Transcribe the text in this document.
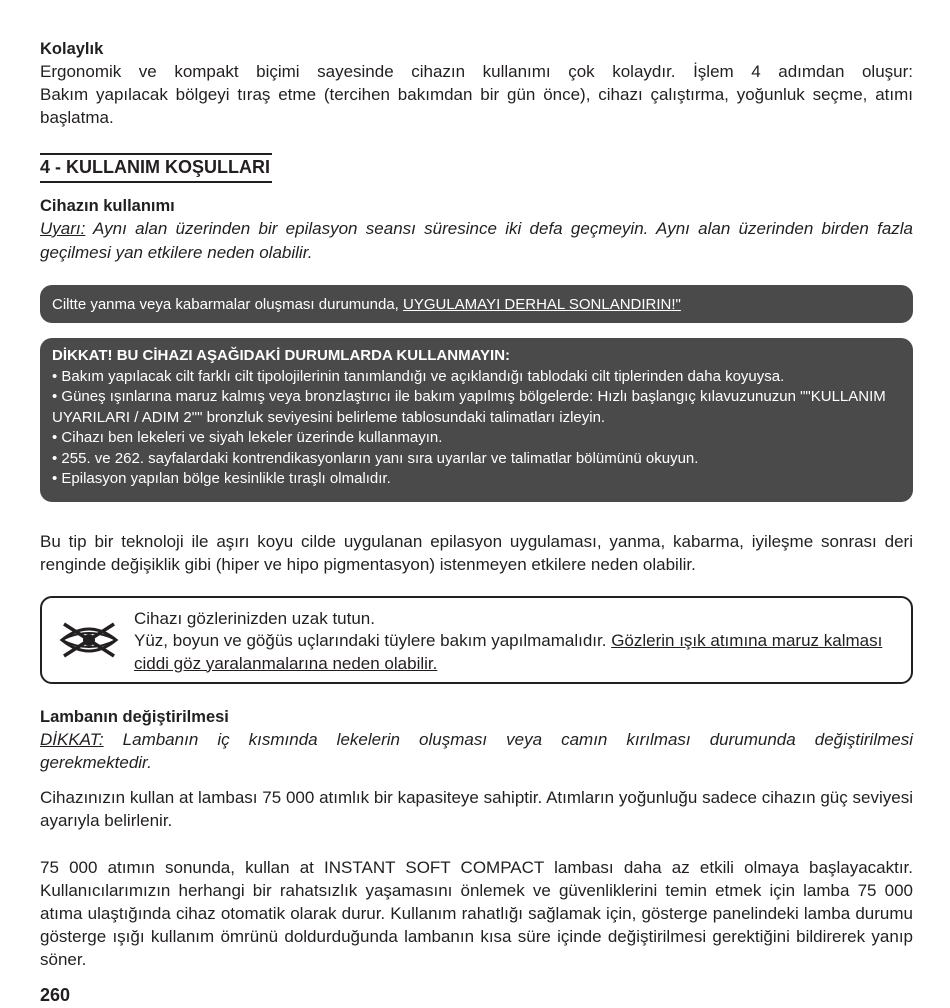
Kolaylık

Ergonomik ve kompakt biçimi sayesinde cihazın kullanımı çok kolaydır. İşlem 4 adımdan oluşur:

Bakım yapılacak bölgeyi tıraş etme (tercihen bakımdan bir gün önce), cihazı çalıştırma, yoğunluk seçme, atımı başlatma.

4 - KULLANIM KOŞULLARI

Cihazın kullanımı

Uyarı: Aynı alan üzerinden bir epilasyon seansı süresince iki defa geçmeyin. Aynı alan üzerinden birden fazla geçilmesi yan etkilere neden olabilir.

Ciltte yanma veya kabarmalar oluşması durumunda, UYGULAMAYI DERHAL SONLANDIRIN!"
DİKKAT! BU CİHAZI AŞAĞIDAKİ DURUMLARDA KULLANMAYIN:
• Bakım yapılacak cilt farklı cilt tipolojilerinin tanımlandığı ve açıklandığı tablodaki cilt tiplerinden daha koyuysa.
• Güneş ışınlarına maruz kalmış veya bronzlaştırıcı ile bakım yapılmış bölgelerde: Hızlı başlangıç kılavuzunuzun ""KULLANIM UYARILARI / ADIM 2"" bronzluk seviyesini belirleme tablosundaki talimatları izleyin.
• Cihazı ben lekeleri ve siyah lekeler üzerinde kullanmayın.
• 255. ve 262. sayfalardaki kontrendikasyonların yanı sıra uyarılar ve talimatlar bölümünü okuyun.
• Epilasyon yapılan bölge kesinlikle tıraşlı olmalıdır.

Bu tip bir teknoloji ile aşırı koyu cilde uygulanan epilasyon uygulaması, yanma, kabarma, iyileşme sonrası deri renginde değişiklik gibi (hiper ve hipo pigmentasyon) istenmeyen etkilere neden olabilir.

Cihazı gözlerinizden uzak tutun.
Yüz, boyun ve göğüs uçlarındaki tüylere bakım yapılmamalıdır. Gözlerin ışık atımına maruz kalması ciddi göz yaralanmalarına neden olabilir.

Lambanın değiştirilmesi

DİKKAT: Lambanın iç kısmında lekelerin oluşması veya camın kırılması durumunda değiştirilmesi

gerekmektedir.

Cihazınızın kullan at lambası 75 000 atımlık bir kapasiteye sahiptir. Atımların yoğunluğu sadece cihazın güç seviyesi ayarıyla belirlenir.

75 000 atımın sonunda, kullan at INSTANT SOFT COMPACT lambası daha az etkili olmaya başlayacaktır. Kullanıcılarımızın herhangi bir rahatsızlık yaşamasını önlemek ve güvenliklerini temin etmek için lamba 75 000 atıma ulaştığında cihaz otomatik olarak durur. Kullanım rahatlığı sağlamak için, gösterge panelindeki lamba durumu gösterge ışığı kullanım ömrünü doldurduğunda lambanın kısa süre içinde değiştirilmesi gerektiğini bildirerek yanıp söner.

260
